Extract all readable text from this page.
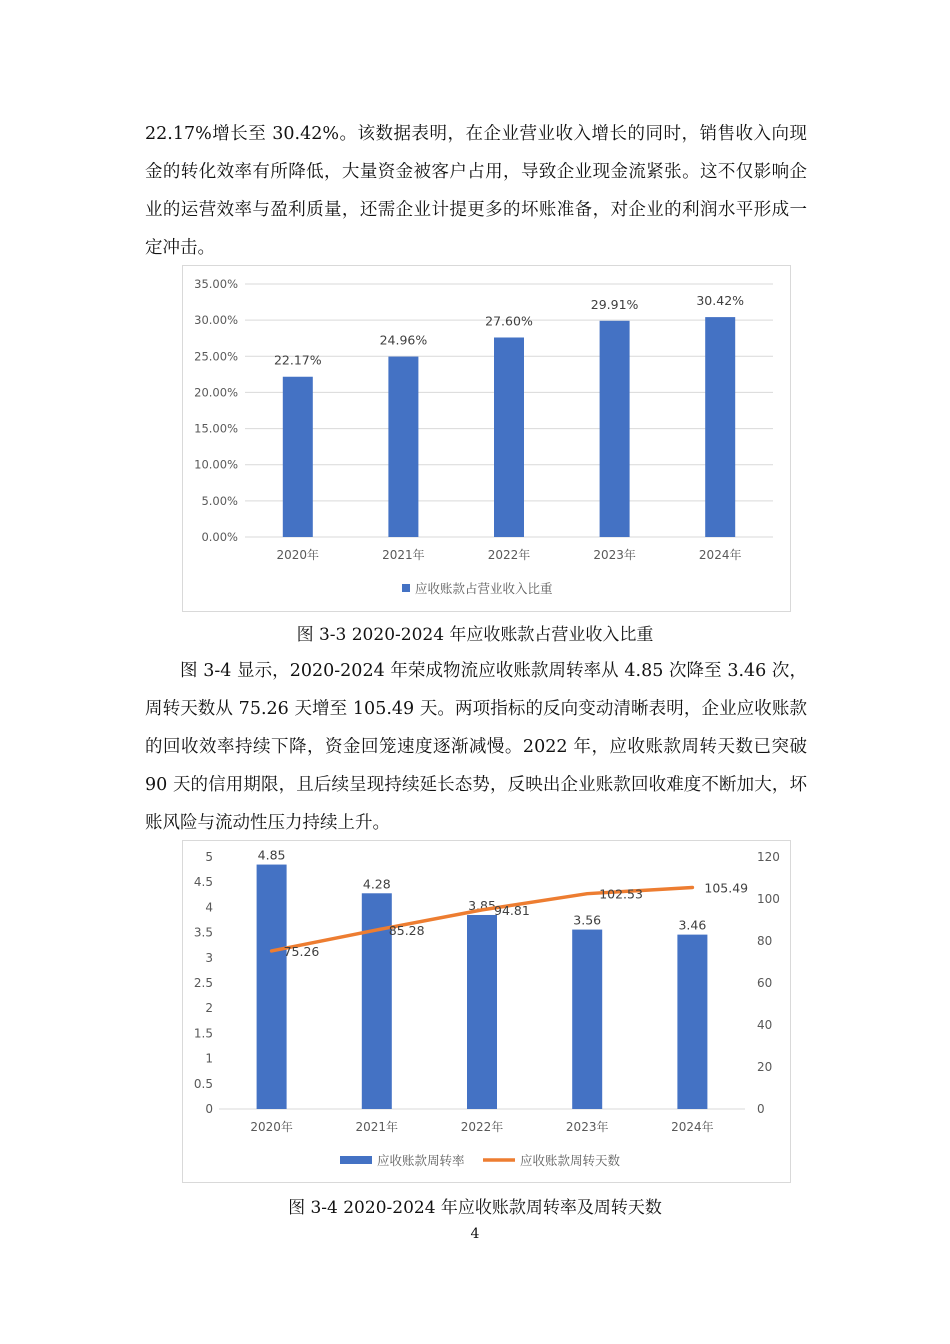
22.17%增长至 30.42%。该数据表明，在企业营业收入增长的同时，销售收入向现金的转化效率有所降低，大量资金被客户占用，导致企业现金流紧张。这不仅影响企业的运营效率与盈利质量，还需企业计提更多的坏账准备，对企业的利润水平形成一定冲击。

0.00%
5.00%
10.00%
15.00%
20.00%
25.00%
30.00%
35.00%
22.17%
2020年
24.96%
2021年
27.60%
2022年
29.91%
2023年
30.42%
2024年
应收账款占营业收入比重

图 3-3 2020-2024 年应收账款占营业收入比重

图 3-4 显示，2020-2024 年荣成物流应收账款周转率从 4.85 次降至 3.46 次，周转天数从 75.26 天增至 105.49 天。两项指标的反向变动清晰表明，企业应收账款的回收效率持续下降，资金回笼速度逐渐减慢。2022 年，应收账款周转天数已突破 90 天的信用期限，且后续呈现持续延长态势，反映出企业账款回收难度不断加大，坏账风险与流动性压力持续上升。

0
0.5
1
1.5
2
2.5
3
3.5
4
4.5
5
0
20
40
60
80
100
120
4.85
2020年
4.28
2021年
3.85
2022年
3.56
2023年
3.46
2024年
75.26
85.28
94.81
102.53	105.49
应收账款周转率	应收账款周转天数

图 3-4 2020-2024 年应收账款周转率及周转天数

4
